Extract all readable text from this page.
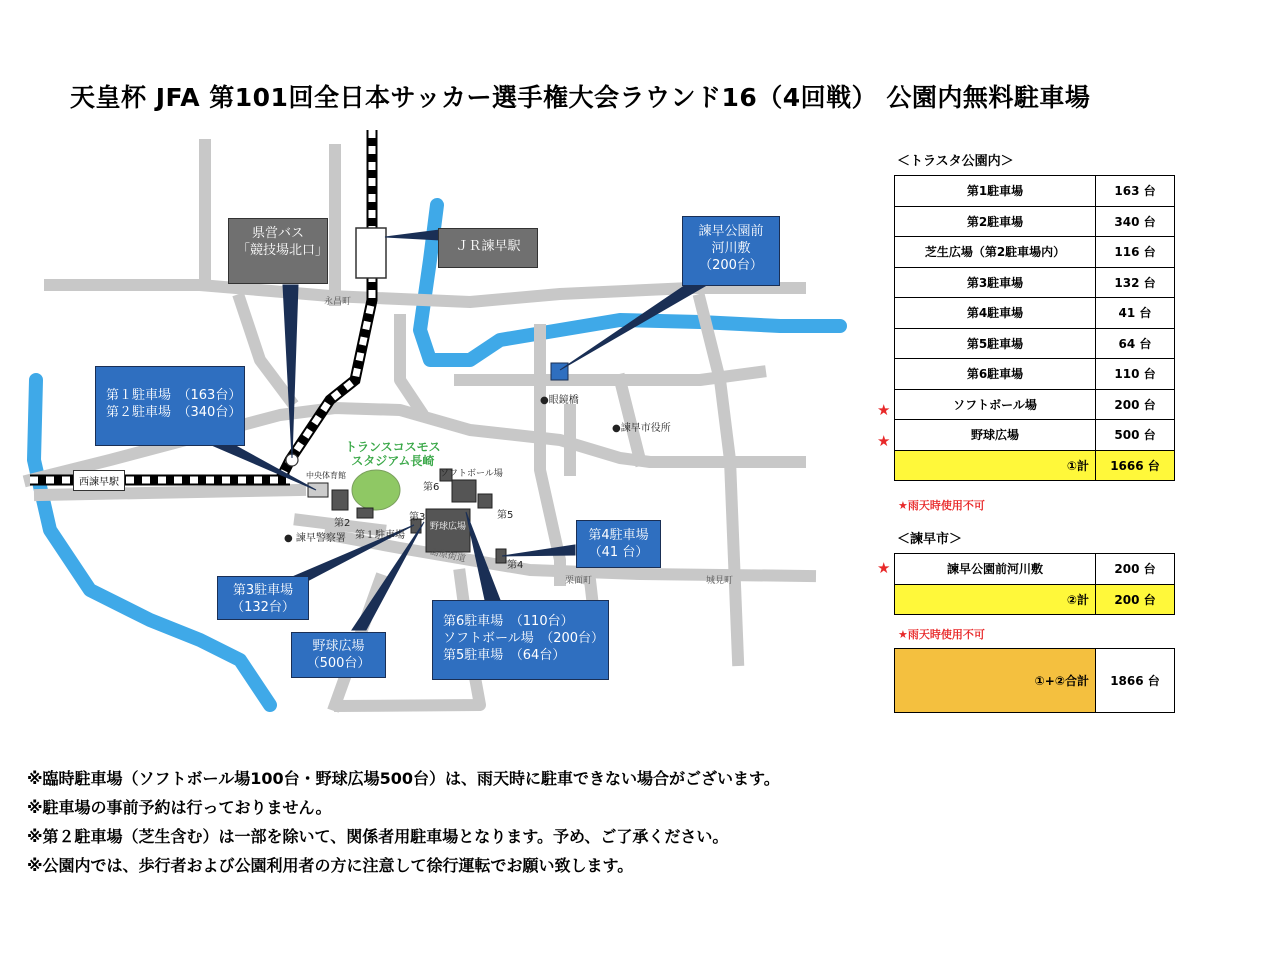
天皇杯 JFA 第101回全日本サッカー選手権大会ラウンド16（4回戦） 公園内無料駐車場
県営バス
「競技場北口」	ＪＲ諫早駅
諫早公園前
河川敷
（200台）
第１駐車場　（163台）
第２駐車場　（340台）
第4駐車場
（41 台）
第3駐車場
（132台）
野球広場
（500台）
第6駐車場　（110台）
ソフトボール場　（200台）
第5駐車場　（64台）
トランスコスモス
スタジアム長崎
西諫早駅
●眼鏡橋
●諫早市役所
● 諫早警察署
中央体育館	ソフトボール場
第6
第5
第4
第3
第2
第１駐車場
野球広場
永昌町
栗面町	城見町
島原街道
＜トラスタ公園内＞
第1駐車場	163 台
第2駐車場	340 台
芝生広場（第2駐車場内）	116 台
第3駐車場	132 台
第4駐車場	41 台
第5駐車場	64 台
第6駐車場	110 台
ソフトボール場	200 台
野球広場	500 台
①計	1666 台
★雨天時使用不可
＜諫早市＞
諫早公園前河川敷	200 台
②計	200 台
★雨天時使用不可
①+②合計	1866 台
※臨時駐車場（ソフトボール場100台・野球広場500台）は、雨天時に駐車できない場合がございます。
※駐車場の事前予約は行っておりません。
※第２駐車場（芝生含む）は一部を除いて、関係者用駐車場となります。予め、ご了承ください。
※公園内では、歩行者および公園利用者の方に注意して徐行運転でお願い致します。
★
★
★
